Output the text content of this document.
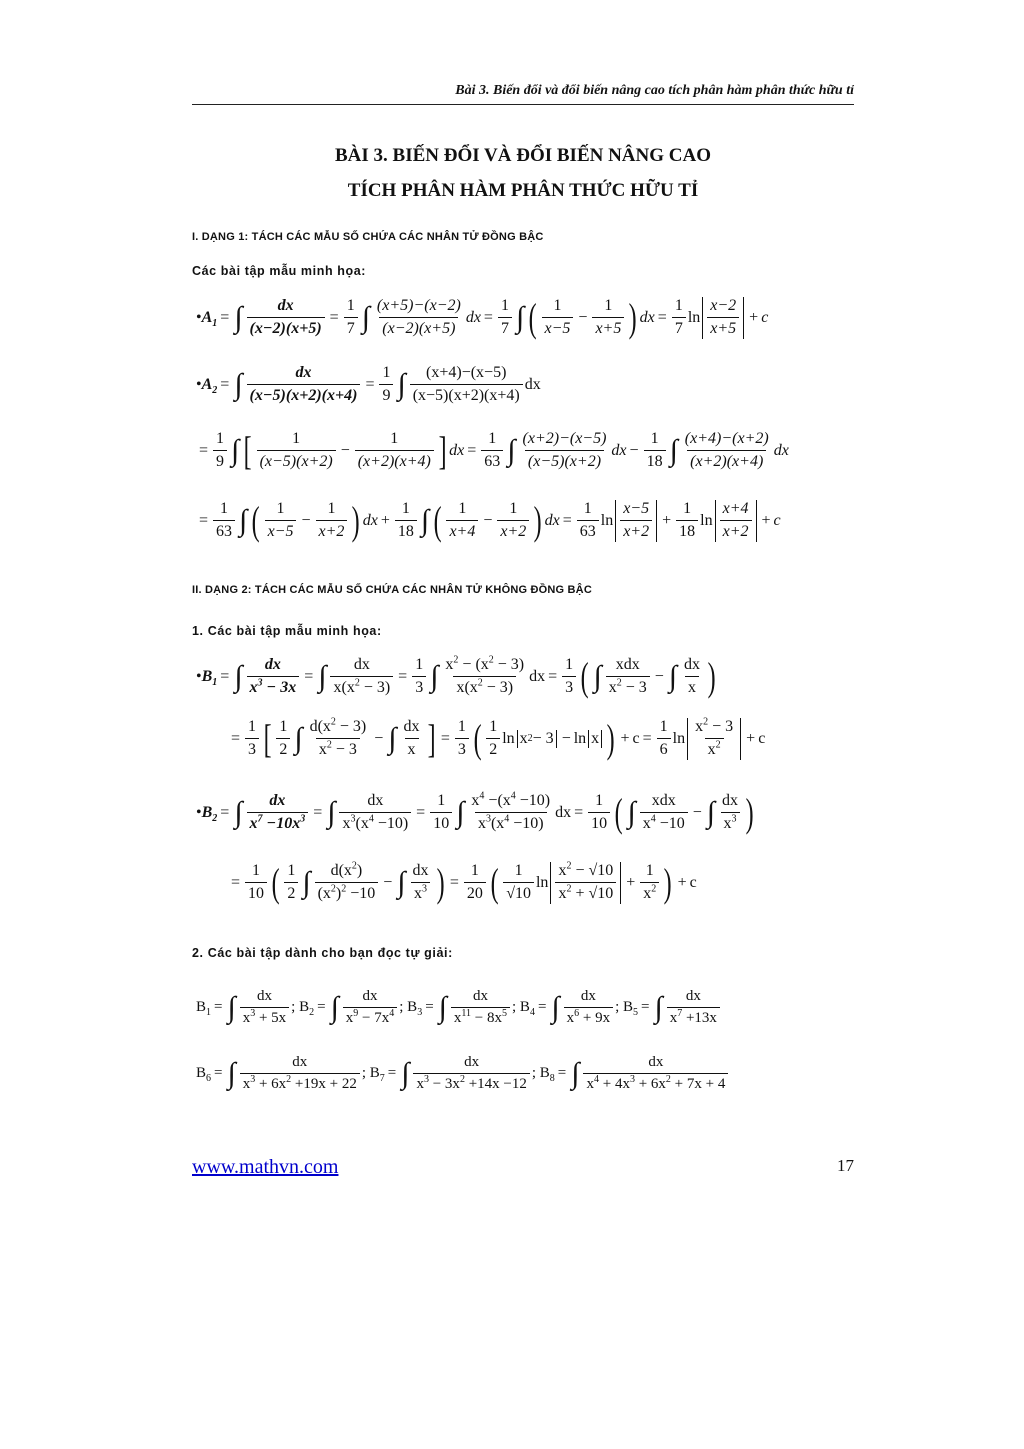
Bài 3. Biến đổi và đổi biến nâng cao tích phân hàm phân thức hữu tỉ
BÀI 3. BIẾN ĐỔI VÀ ĐỔI BIẾN NÂNG CAO
TÍCH PHÂN HÀM PHÂN THỨC HỮU TỈ
I. DẠNG 1: TÁCH CÁC MẪU SỐ CHỨA CÁC NHÂN TỬ ĐỒNG BẬC
Các bài tập mẫu minh họa:
• $A_1$ = ∫ $\frac{dx}{(x-2)(x+5)} = \frac{1}{7}$ ∫ $\frac{(x+5)-(x-2)}{(x-2)(x+5)}$ dx = $\frac{1}{7}$ ∫ ( $\frac{1}{x-5} - \frac{1}{x+5}$ ) dx = $\frac{1}{7}$ $\ln \frac{x-2}{x+5} + c$
• $A_2$ = ∫ $\frac{dx}{(x-5)(x+2)(x+4)} = \frac{1}{9}$ ∫ $\frac{(x+4)-(x-5)}{(x-5)(x+2)(x+4)}$ dx
= $\frac{1}{9}$ ∫ [ $\frac{1}{(x-5)(x+2)} - \frac{1}{(x+2)(x+4)}$ ] dx = $\frac{1}{63}$ ∫ $\frac{(x+2)-(x-5)}{(x-5)(x+2)}$ dx − $\frac{1}{18}$ ∫ $\frac{(x+4)-(x+2)}{(x+2)(x+4)}$ dx
= $\frac{1}{63}$ ∫ ( $\frac{1}{x-5} - \frac{1}{x+2}$ ) dx + $\frac{1}{18}$ ∫ ( $\frac{1}{x+4} - \frac{1}{x+2}$ ) dx = $\frac{1}{63}$ $\ln \frac{x-5}{x+2} + \frac{1}{18}$ $\ln \frac{x+4}{x+2} + c$
II. DẠNG 2: TÁCH CÁC MẪU SỐ CHỨA CÁC NHÂN TỬ KHÔNG ĐỒNG BẬC
1. Các bài tập mẫu minh họa:
• $B_1$ = ∫ $\frac{dx}{x^3 - 3x}$ = ∫ $\frac{dx}{x(x^2 - 3)} = \frac{1}{3}$ ∫ $\frac{x^2 - (x^2 - 3)}{x(x^2 - 3)}$ dx = $\frac{1}{3}$ ( ∫ $\frac{\text{xdx}}{x^2 - 3}$ − ∫ $\frac{dx}{x}$ )
= $\frac{1}{3}$ [ $\frac{1}{2}$ ∫ $\frac{d(x^2 - 3)}{x^2 - 3}$ − ∫ $\frac{dx}{x}$ ] = $\frac{1}{3}$ ( $\frac{1}{2}$ ln x 2 − 3 − ln x ) + $c = \frac{1}{6}$ $\ln \frac{x^2 - 3}{x^2} + c$
• $B_2$ = ∫ $\frac{dx}{x^7 -10x^3}$ = ∫ $\frac{dx}{x^3(x^4 -10)} = \frac{1}{10}$ ∫ $\frac{x^4 -(x^4 -10)}{x^3(x^4 -10)}$ dx = $\frac{1}{10}$ ( ∫ $\frac{\text{xdx}}{x^4 -10}$ − ∫ $\frac{dx}{x^3}$ )
= $\frac{1}{10}$ ( $\frac{1}{2}$ ∫ $\frac{d(x^2)}{(x^2)^2 -10}$ − ∫ $\frac{dx}{x^3}$ ) = $\frac{1}{20}$ ( $\frac{1}{√10}$ $\ln \frac{x^2 - √10}{x^2 + √10} + \frac{1}{x^2}$ ) + c
2. Các bài tập dành cho bạn đọc tự giải:
$B_1$ = ∫ $\frac{dx}{x^3 + 5x}$ ; $B_2$ = ∫ $\frac{dx}{x^9 - 7x^4}$ ; $B_3$ = ∫ $\frac{dx}{x^{11} - 8x^5}$ ; $B_4$ = ∫ $\frac{dx}{x^6 + 9x}$ ; $B_5$ = ∫ $\frac{dx}{x^7 +13x}$
$B_6$ = ∫ $\frac{dx}{x^3 + 6x^2 +19x + 22}$ ; $B_7$ = ∫ $\frac{dx}{x^3 - 3x^2 +14x -12}$ ; $B_8$ = ∫ $\frac{dx}{x^4 + 4x^3 + 6x^2 + 7x + 4}$
www.mathvn.com	17
